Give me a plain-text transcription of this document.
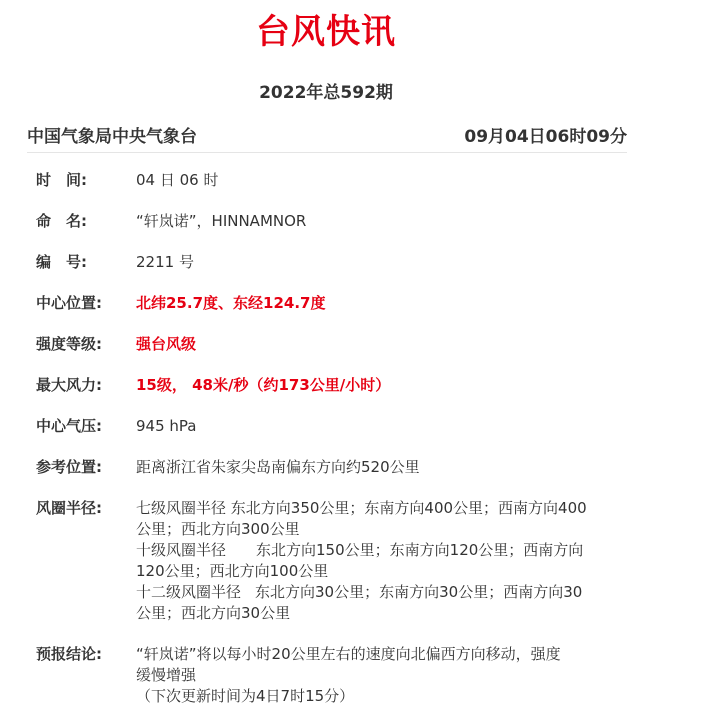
台风快讯
2022年总592期
中国气象局中央气象台	09月04日06时09分
时　间:	04 日 06 时
命　名:	“轩岚诺”，HINNAMNOR
编　号:	2211 号
中心位置:	北纬25.7度、东经124.7度
强度等级:	强台风级
最大风力:	15级， 48米/秒（约173公里/小时）
中心气压:	945 hPa
参考位置:	距离浙江省朱家尖岛南偏东方向约520公里
风圈半径:	七级风圈半径 东北方向350公里；东南方向400公里；西南方向400
公里；西北方向300公里
十级风圈半径 东北方向150公里；东南方向120公里；西南方向
120公里；西北方向100公里
十二级风圈半径 东北方向30公里；东南方向30公里；西南方向30
公里；西北方向30公里
预报结论:	“轩岚诺”将以每小时20公里左右的速度向北偏西方向移动，强度
缓慢增强
（下次更新时间为4日7时15分）
